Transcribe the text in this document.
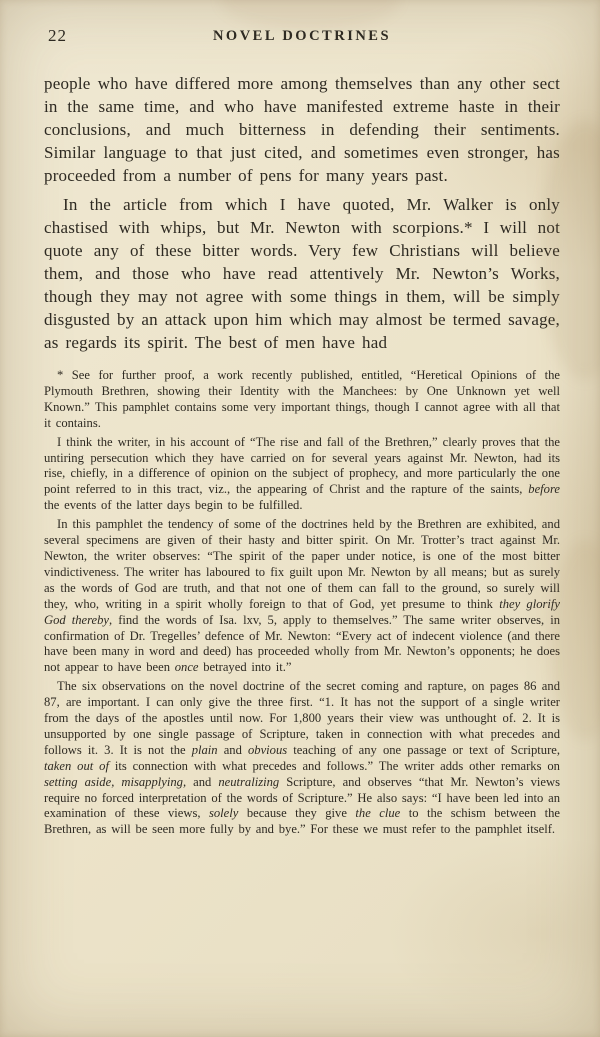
22	NOVEL DOCTRINES

people who have differed more among themselves than any other sect in the same time, and who have manifested extreme haste in their conclusions, and much bitterness in defending their sentiments. Similar language to that just cited, and sometimes even stronger, has proceeded from a number of pens for many years past.

In the article from which I have quoted, Mr. Walker is only chastised with whips, but Mr. Newton with scorpions.* I will not quote any of these bitter words. Very few Christians will believe them, and those who have read attentively Mr. Newton’s Works, though they may not agree with some things in them, will be simply disgusted by an attack upon him which may almost be termed savage, as regards its spirit. The best of men have had

* See for further proof, a work recently published, entitled, “Heretical Opinions of the Plymouth Brethren, showing their Identity with the Manchees: by One Unknown yet well Known.” This pamphlet contains some very important things, though I cannot agree with all that it contains.

I think the writer, in his account of “The rise and fall of the Brethren,” clearly proves that the untiring persecution which they have carried on for several years against Mr. Newton, had its rise, chiefly, in a difference of opinion on the subject of prophecy, and more particularly the one point referred to in this tract, viz., the appearing of Christ and the rapture of the saints, before the events of the latter days begin to be fulfilled.

In this pamphlet the tendency of some of the doctrines held by the Brethren are exhibited, and several specimens are given of their hasty and bitter spirit. On Mr. Trotter’s tract against Mr. Newton, the writer observes: “The spirit of the paper under notice, is one of the most bitter vindictiveness. The writer has laboured to fix guilt upon Mr. Newton by all means; but as surely as the words of God are truth, and that not one of them can fall to the ground, so surely will they, who, writing in a spirit wholly foreign to that of God, yet presume to think they glorify God thereby, find the words of Isa. lxv, 5, apply to themselves.” The same writer observes, in confirmation of Dr. Tregelles’ defence of Mr. Newton: “Every act of indecent violence (and there have been many in word and deed) has proceeded wholly from Mr. Newton’s opponents; he does not appear to have been once betrayed into it.”

The six observations on the novel doctrine of the secret coming and rapture, on pages 86 and 87, are important. I can only give the three first. “1. It has not the support of a single writer from the days of the apostles until now. For 1,800 years their view was unthought of. 2. It is unsupported by one single passage of Scripture, taken in connection with what precedes and follows it. 3. It is not the plain and obvious teaching of any one passage or text of Scripture, taken out of its connection with what precedes and follows.” The writer adds other remarks on setting aside, misapplying, and neutralizing Scripture, and observes “that Mr. Newton’s views require no forced interpretation of the words of Scripture.” He also says: “I have been led into an examination of these views, solely because they give the clue to the schism between the Brethren, as will be seen more fully by and bye.” For these we must refer to the pamphlet itself.
